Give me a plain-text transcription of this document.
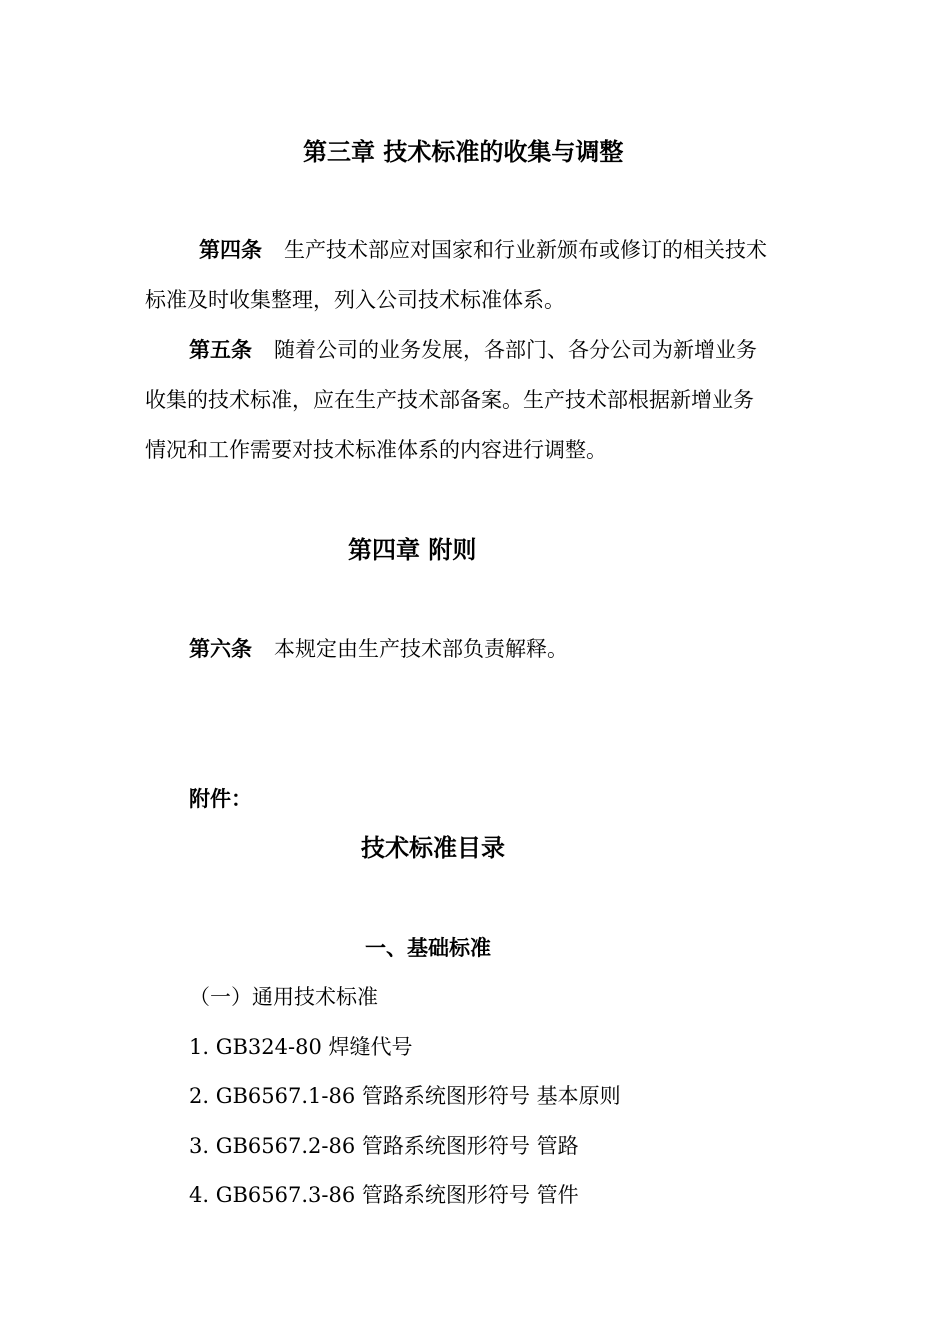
第三章 技术标准的收集与调整
第四条 生产技术部应对国家和行业新颁布或修订的相关技术
标准及时收集整理，列入公司技术标准体系。
第五条 随着公司的业务发展，各部门、各分公司为新增业务
收集的技术标准，应在生产技术部备案。生产技术部根据新增业务
情况和工作需要对技术标准体系的内容进行调整。
第四章 附则
第六条 本规定由生产技术部负责解释。
附件：
技术标准目录
一、基础标准
（一）通用技术标准
1. GB324-80 焊缝代号
2. GB6567.1-86 管路系统图形符号 基本原则
3. GB6567.2-86 管路系统图形符号 管路
4. GB6567.3-86 管路系统图形符号 管件
